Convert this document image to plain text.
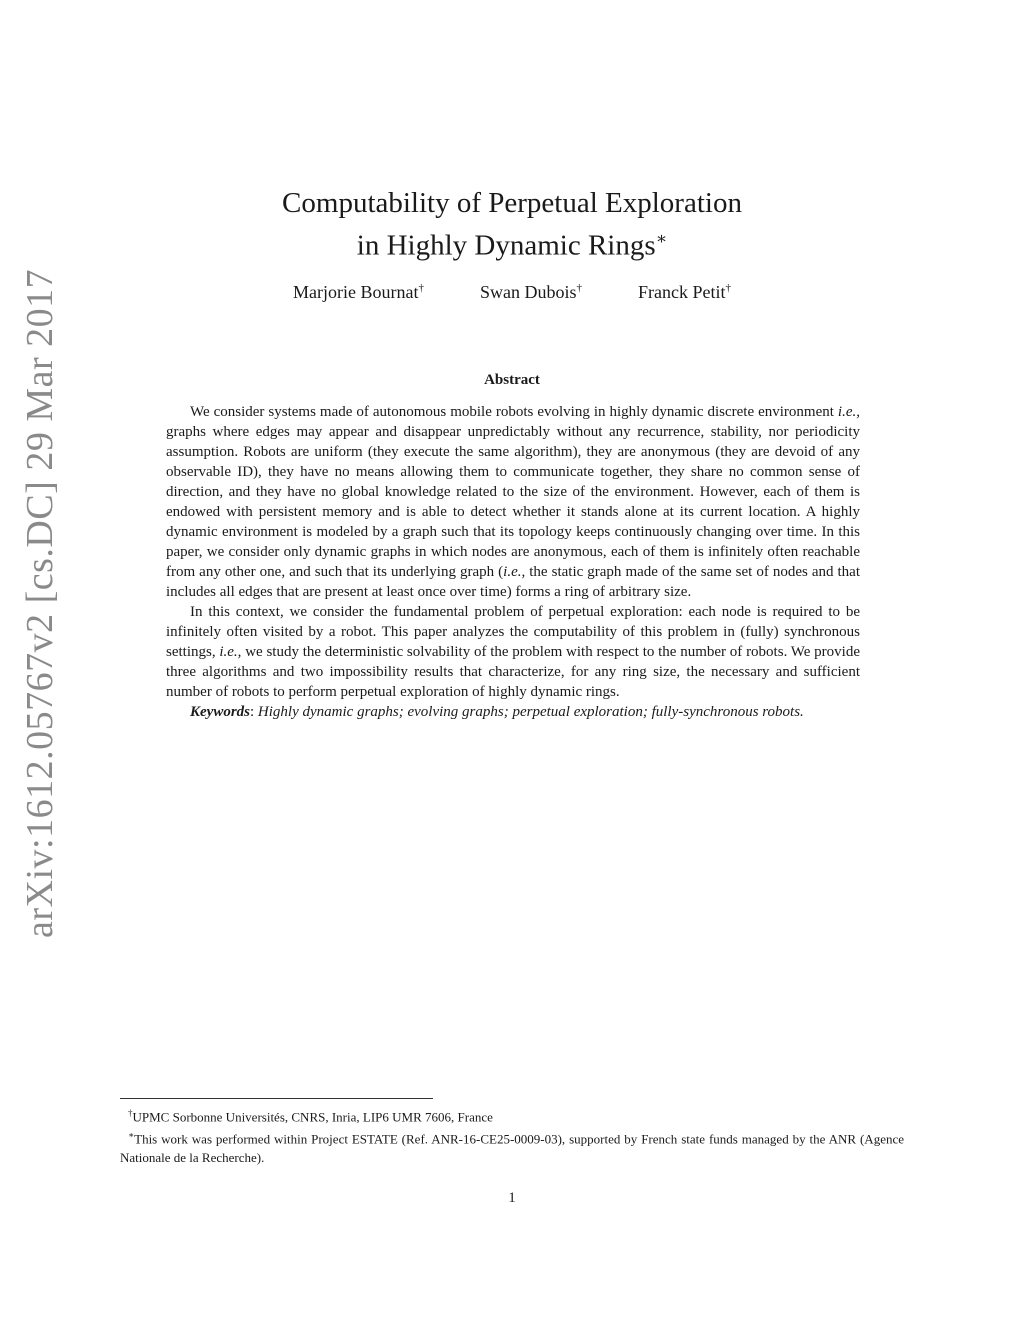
arXiv:1612.05767v2 [cs.DC] 29 Mar 2017
Computability of Perpetual Exploration
in Highly Dynamic Rings∗
Marjorie Bournat†	Swan Dubois†	Franck Petit†
Abstract

We consider systems made of autonomous mobile robots evolving in highly dynamic discrete environment i.e., graphs where edges may appear and disappear unpredictably without any recurrence, stability, nor periodicity assumption. Robots are uniform (they execute the same algorithm), they are anonymous (they are devoid of any observable ID), they have no means allowing them to communicate together, they share no common sense of direction, and they have no global knowledge related to the size of the environment. However, each of them is endowed with persistent memory and is able to detect whether it stands alone at its current location. A highly dynamic environment is modeled by a graph such that its topology keeps continuously changing over time. In this paper, we consider only dynamic graphs in which nodes are anonymous, each of them is infinitely often reachable from any other one, and such that its underlying graph (i.e., the static graph made of the same set of nodes and that includes all edges that are present at least once over time) forms a ring of arbitrary size.

In this context, we consider the fundamental problem of perpetual exploration: each node is required to be infinitely often visited by a robot. This paper analyzes the computability of this problem in (fully) synchronous settings, i.e., we study the deterministic solvability of the problem with respect to the number of robots. We provide three algorithms and two impossibility results that characterize, for any ring size, the necessary and sufficient number of robots to perform perpetual exploration of highly dynamic rings.

Keywords: Highly dynamic graphs; evolving graphs; perpetual exploration; fully-synchronous robots.

†UPMC Sorbonne Universités, CNRS, Inria, LIP6 UMR 7606, France

∗This work was performed within Project ESTATE (Ref. ANR-16-CE25-0009-03), supported by French state funds managed by the ANR (Agence Nationale de la Recherche).

1
